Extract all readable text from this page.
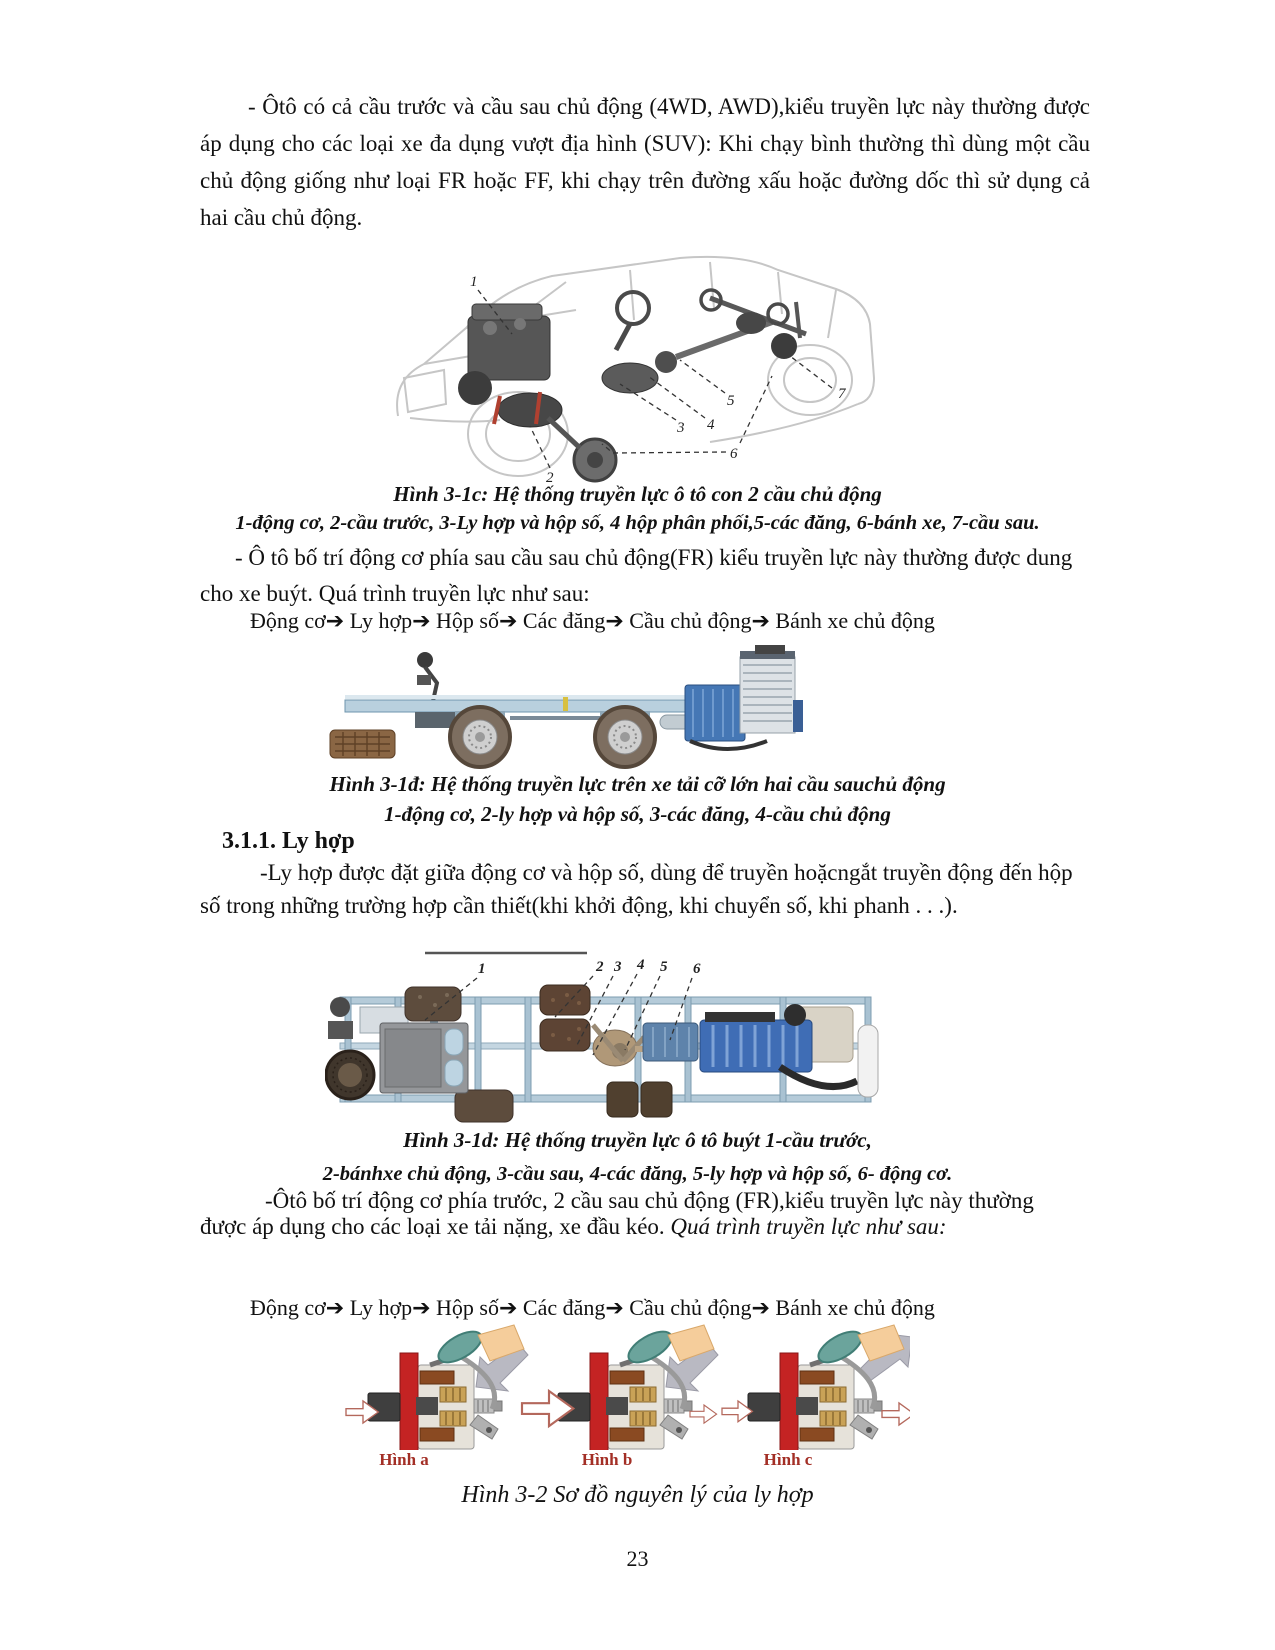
- Ôtô có cả cầu trước và cầu sau chủ động (4WD, AWD),kiểu truyền lực này thường được áp dụng cho các loại xe đa dụng vượt địa hình (SUV): Khi chạy bình thường thì dùng một cầu chủ động giống như loại FR hoặc FF, khi chạy trên đường xấu hoặc đường dốc thì sử dụng cả hai cầu chủ động.
1
2
3 4
5
6
7
Hình 3-1c: Hệ thống truyền lực ô tô con 2 cầu chủ động
1-động cơ, 2-cầu trước, 3-Ly hợp và hộp số, 4 hộp phân phối,5-các đăng, 6-bánh xe, 7-cầu sau.
- Ô tô bố trí động cơ phía sau cầu sau chủ động(FR) kiểu truyền lực này thường được dung cho xe buýt. Quá trình truyền lực như sau:
Động cơ➔ Ly hợp➔ Hộp số➔ Các đăng➔ Cầu chủ động➔ Bánh xe chủ động
Hình 3-1đ: Hệ thống truyền lực trên xe tải cỡ lớn hai cầu sauchủ động
1-động cơ, 2-ly hợp và hộp số, 3-các đăng, 4-cầu chủ động
3.1.1. Ly hợp
-Ly hợp được đặt giữa động cơ và hộp số, dùng để truyền hoặcngắt truyền động đến hộp số trong những trường hợp cần thiết(khi khởi động, khi chuyển số, khi phanh . . .).
1	2 3 4 5 6
Hình 3-1d: Hệ thống truyền lực ô tô buýt 1-cầu trước,
2-bánhxe chủ động, 3-cầu sau, 4-các đăng, 5-ly hợp và hộp số, 6- động cơ.
-Ôtô bố trí động cơ phía trước, 2 cầu sau chủ động (FR),kiểu truyền lực này thường được áp dụng cho các loại xe tải nặng, xe đầu kéo. Quá trình truyền lực như sau:
Động cơ➔ Ly hợp➔ Hộp số➔ Các đăng➔ Cầu chủ động➔ Bánh xe chủ động
Hình a	Hình b	Hình c
Hình 3-2 Sơ đồ nguyên lý của ly hợp
23
